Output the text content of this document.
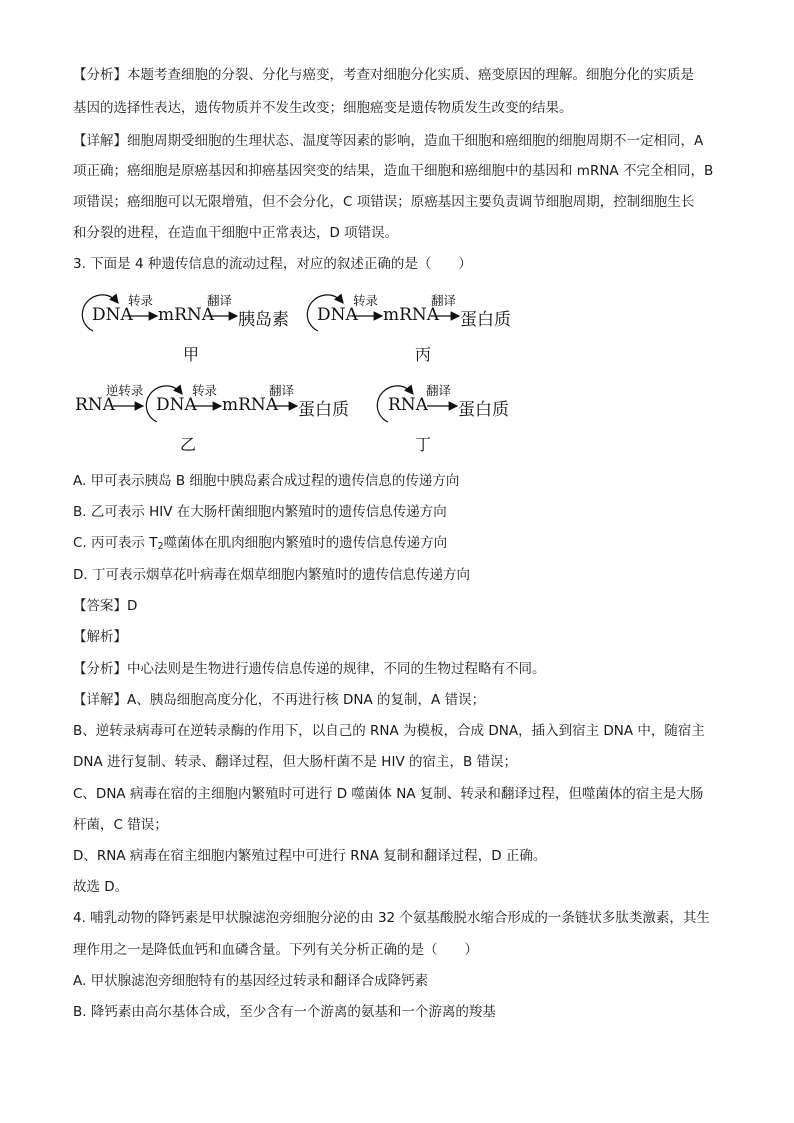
【分析】本题考查细胞的分裂、分化与癌变，考查对细胞分化实质、癌变原因的理解。细胞分化的实质是

基因的选择性表达，遗传物质并不发生改变；细胞癌变是遗传物质发生改变的结果。

【详解】细胞周期受细胞的生理状态、温度等因素的影响，造血干细胞和癌细胞的细胞周期不一定相同，A

项正确；癌细胞是原癌基因和抑癌基因突变的结果，造血干细胞和癌细胞中的基因和 mRNA 不完全相同，B

项错误；癌细胞可以无限增殖，但不会分化，C 项错误；原癌基因主要负责调节细胞周期，控制细胞生长

和分裂的进程，在造血干细胞中正常表达，D 项错误。

3. 下面是 4 种遗传信息的流动过程，对应的叙述正确的是（　　）

DNA
转录
mRNA
翻译
胰岛素
甲
DNA
转录
mRNA
翻译
蛋白质
丙
RNA
逆转录
DNA
转录
mRNA
翻译
蛋白质
乙
RNA
翻译
蛋白质
丁

A. 甲可表示胰岛 B 细胞中胰岛素合成过程的遗传信息的传递方向

B. 乙可表示 HIV 在大肠杆菌细胞内繁殖时的遗传信息传递方向

C. 丙可表示 $T_2$噬菌体在肌肉细胞内繁殖时的遗传信息传递方向

D. 丁可表示烟草花叶病毒在烟草细胞内繁殖时的遗传信息传递方向

【答案】D

【解析】

【分析】中心法则是生物进行遗传信息传递的规律，不同的生物过程略有不同。

【详解】A、胰岛细胞高度分化，不再进行核 DNA 的复制，A 错误；

B、逆转录病毒可在逆转录酶的作用下，以自己的 RNA 为模板，合成 DNA，插入到宿主 DNA 中，随宿主

DNA 进行复制、转录、翻译过程，但大肠杆菌不是 HIV 的宿主，B 错误；

C、DNA 病毒在宿的主细胞内繁殖时可进行 D 噬菌体 NA 复制、转录和翻译过程，但噬菌体的宿主是大肠

杆菌，C 错误；

D、RNA 病毒在宿主细胞内繁殖过程中可进行 RNA 复制和翻译过程，D 正确。

故选 D。

4. 哺乳动物的降钙素是甲状腺滤泡旁细胞分泌的由 32 个氨基酸脱水缩合形成的一条链状多肽类激素，其生

理作用之一是降低血钙和血磷含量。下列有关分析正确的是（　　）

A. 甲状腺滤泡旁细胞特有的基因经过转录和翻译合成降钙素

B. 降钙素由高尔基体合成，至少含有一个游离的氨基和一个游离的羧基
